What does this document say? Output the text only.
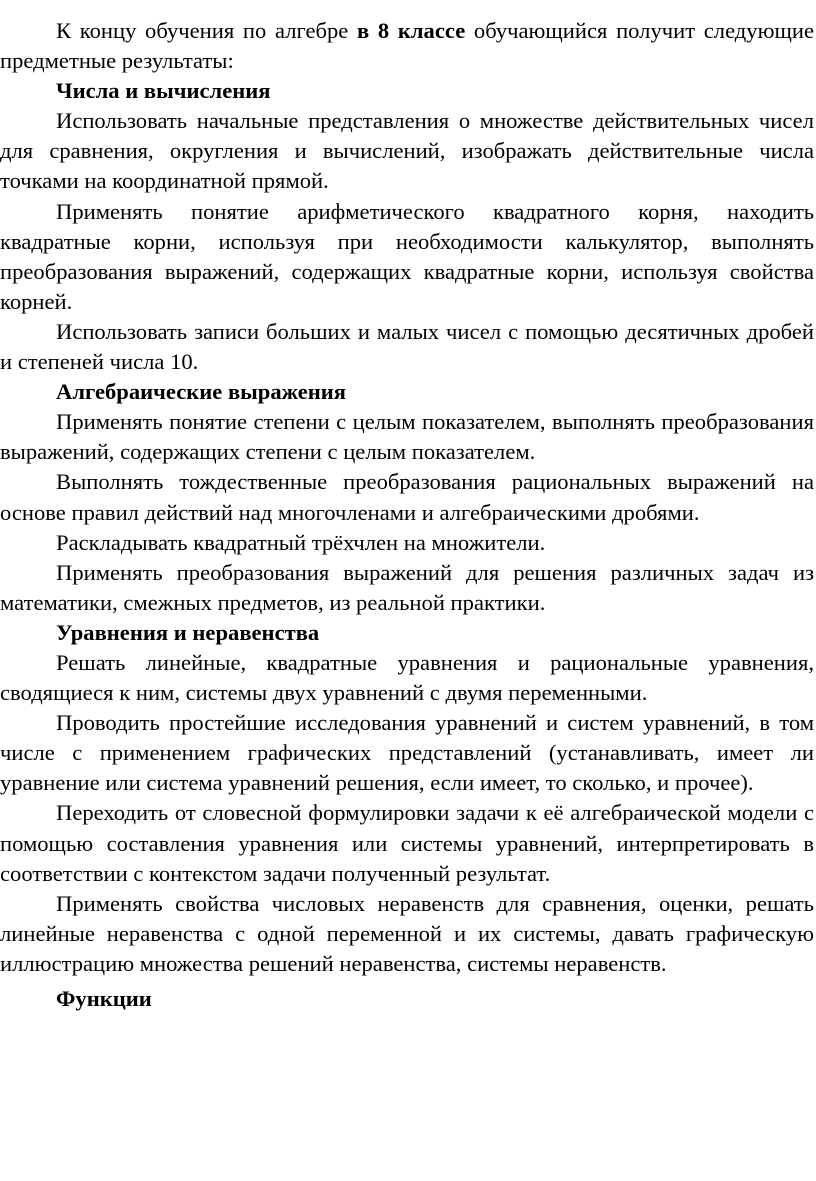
К концу обучения по алгебре в 8 классе обучающийся получит следующие предметные результаты:

Числа и вычисления

Использовать начальные представления о множестве действительных чисел для сравнения, округления и вычислений, изображать действительные числа точками на координатной прямой.

Применять понятие арифметического квадратного корня, находить квадратные корни, используя при необходимости калькулятор, выполнять преобразования выражений, содержащих квадратные корни, используя свойства корней.

Использовать записи больших и малых чисел с помощью десятичных дробей и степеней числа 10.

Алгебраические выражения

Применять понятие степени с целым показателем, выполнять преобразования выражений, содержащих степени с целым показателем.

Выполнять тождественные преобразования рациональных выражений на основе правил действий над многочленами и алгебраическими дробями.

Раскладывать квадратный трёхчлен на множители.

Применять преобразования выражений для решения различных задач из математики, смежных предметов, из реальной практики.

Уравнения и неравенства

Решать линейные, квадратные уравнения и рациональные уравнения, сводящиеся к ним, системы двух уравнений с двумя переменными.

Проводить простейшие исследования уравнений и систем уравнений, в том числе с применением графических представлений (устанавливать, имеет ли уравнение или система уравнений решения, если имеет, то сколько, и прочее).

Переходить от словесной формулировки задачи к её алгебраической модели с помощью составления уравнения или системы уравнений, интерпретировать в соответствии с контекстом задачи полученный результат.

Применять свойства числовых неравенств для сравнения, оценки, решать линейные неравенства с одной переменной и их системы, давать графическую иллюстрацию множества решений неравенства, системы неравенств.

Функции
